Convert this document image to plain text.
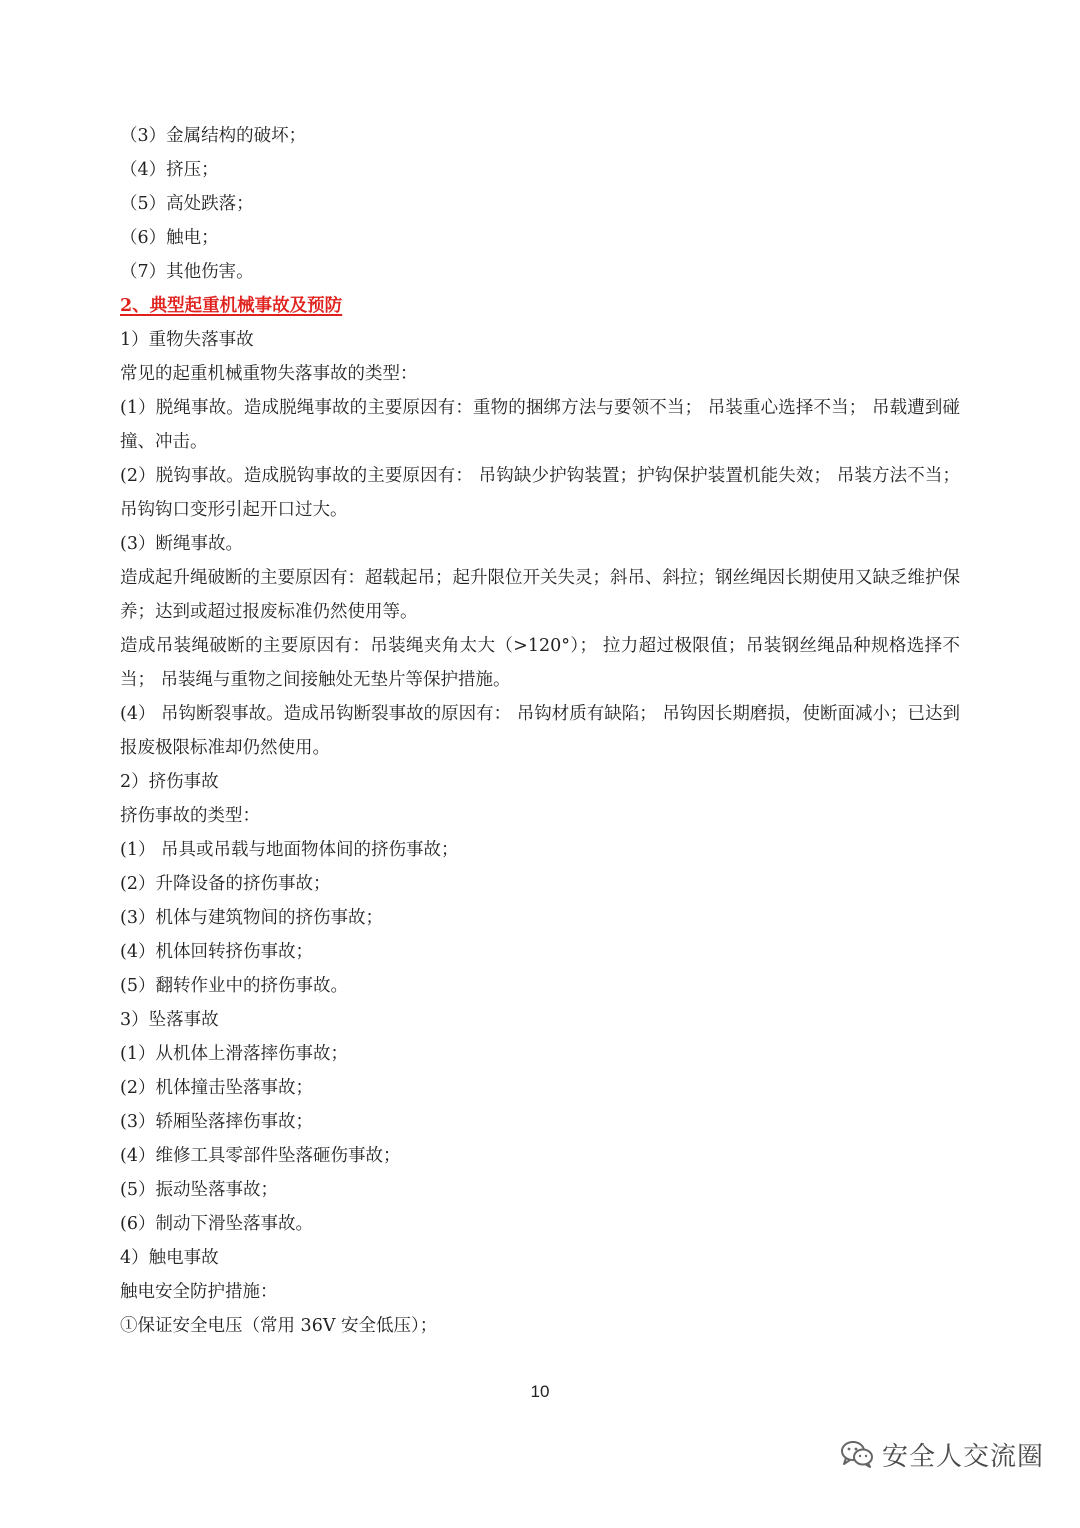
（3）金属结构的破坏；
（4）挤压；
（5）高处跌落；
（6）触电；
（7）其他伤害。
2、典型起重机械事故及预防
1）重物失落事故
常见的起重机械重物失落事故的类型：
(1）脱绳事故。造成脱绳事故的主要原因有：重物的捆绑方法与要领不当； 吊装重心选择不当； 吊载遭到碰撞、冲击。
(2）脱钩事故。造成脱钩事故的主要原因有： 吊钩缺少护钩装置；护钩保护装置机能失效； 吊装方法不当； 吊钩钩口变形引起开口过大。
(3）断绳事故。
造成起升绳破断的主要原因有：超载起吊；起升限位开关失灵；斜吊、斜拉；钢丝绳因长期使用又缺乏维护保养；达到或超过报废标准仍然使用等。
造成吊装绳破断的主要原因有：吊装绳夹角太大（>120°）； 拉力超过极限值；吊装钢丝绳品种规格选择不当； 吊装绳与重物之间接触处无垫片等保护措施。
(4） 吊钩断裂事故。造成吊钩断裂事故的原因有： 吊钩材质有缺陷； 吊钩因长期磨损，使断面减小；已达到报废极限标准却仍然使用。
2）挤伤事故
挤伤事故的类型：
(1） 吊具或吊载与地面物体间的挤伤事故；
(2）升降设备的挤伤事故；
(3）机体与建筑物间的挤伤事故；
(4）机体回转挤伤事故；
(5）翻转作业中的挤伤事故。
3）坠落事故
(1）从机体上滑落摔伤事故；
(2）机体撞击坠落事故；
(3）轿厢坠落摔伤事故；
(4）维修工具零部件坠落砸伤事故；
(5）振动坠落事故；
(6）制动下滑坠落事故。
4）触电事故
触电安全防护措施：
①保证安全电压（常用 36V 安全低压）；
10
安全人交流圈
